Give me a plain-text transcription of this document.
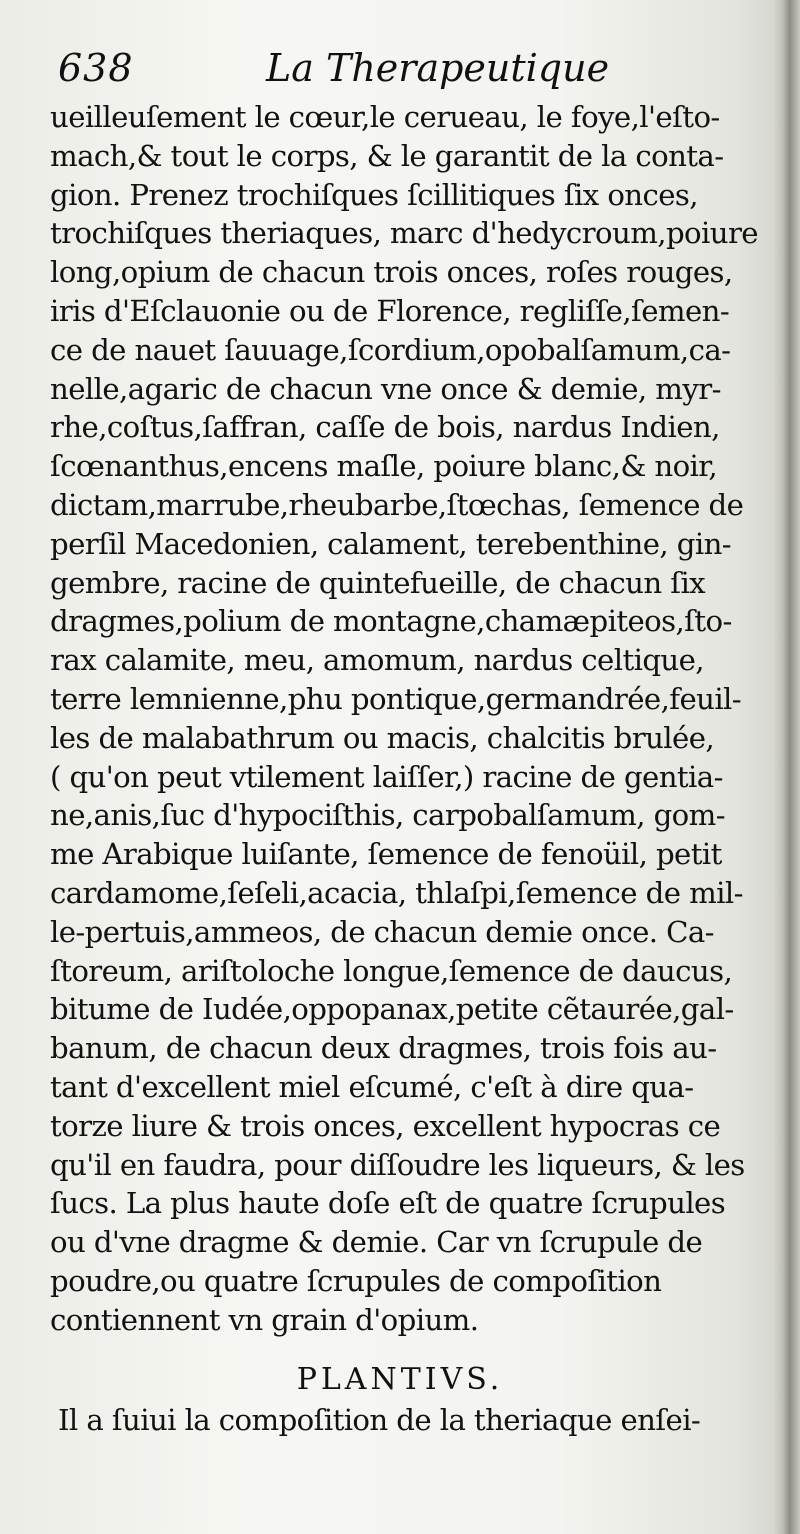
638	La Therapeutique
ueilleuſement le cœur,le cerueau, le foye,l'eſto-
mach,& tout le corps, & le garantit de la conta-
gion. Prenez trochiſques ſcillitiques ſix onces,
trochiſques theriaques, marc d'hedycroum,poiure
long,opium de chacun trois onces, roſes rouges,
iris d'Eſclauonie ou de Florence, regliſſe,ſemen-
ce de nauet ſauuage,ſcordium,opobalſamum,ca-
nelle,agaric de chacun vne once & demie, myr-
rhe,coſtus,ſaffran, caſſe de bois, nardus Indien,
ſcœnanthus,encens maſle, poiure blanc,& noir,
dictam,marrube,rheubarbe,ſtœchas, ſemence de
perſil Macedonien, calament, terebenthine, gin-
gembre, racine de quintefueille, de chacun ſix
dragmes,polium de montagne,chamæpiteos,ſto-
rax calamite, meu, amomum, nardus celtique,
terre lemnienne,phu pontique,germandrée,feuil-
les de malabathrum ou macis, chalcitis brulée,
( qu'on peut vtilement laiſſer,) racine de gentia-
ne,anis,ſuc d'hypociſthis, carpobalſamum, gom-
me Arabique luiſante, ſemence de fenoüil, petit
cardamome,ſeſeli,acacia, thlaſpi,ſemence de mil-
le-pertuis,ammeos, de chacun demie once. Ca-
ſtoreum, ariſtoloche longue,ſemence de daucus,
bitume de Iudée,oppopanax,petite cẽtaurée,gal-
banum, de chacun deux dragmes, trois fois au-
tant d'excellent miel eſcumé, c'eſt à dire qua-
torze liure & trois onces, excellent hypocras ce
qu'il en faudra, pour diſſoudre les liqueurs, & les
ſucs. La plus haute doſe eſt de quatre ſcrupules
ou d'vne dragme & demie. Car vn ſcrupule de
poudre,ou quatre ſcrupules de compoſition
contiennent vn grain d'opium.
PLANTIVS.
Il a ſuiui la compoſition de la theriaque enſei-
